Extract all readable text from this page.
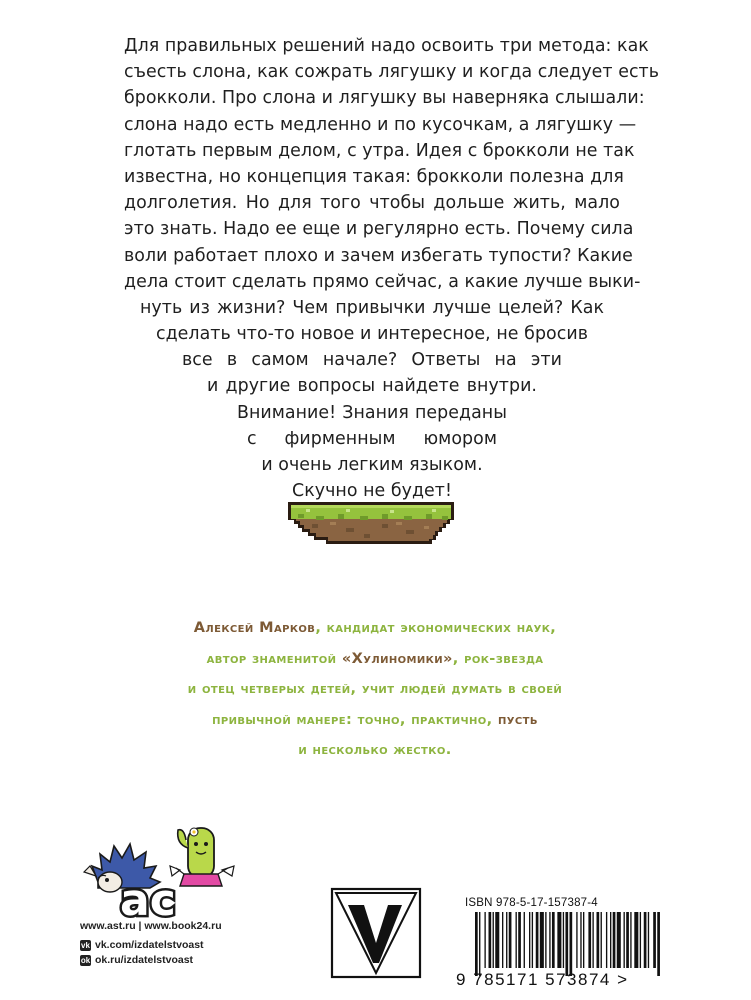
Для правильных решений надо освоить три метода: как
съесть слона, как сожрать лягушку и когда следует есть
брокколи. Про слона и лягушку вы наверняка слышали:
слона надо есть медленно и по кусочкам, а лягушку —
глотать первым делом, с утра. Идея с брокколи не так
известна, но концепция такая: брокколи полезна для
долголетия. Но для того чтобы дольше жить, мало
это знать. Надо ее еще и регулярно есть. Почему сила
воли работает плохо и зачем избегать тупости? Какие
дела стоит сделать прямо сейчас, а какие лучше выки-
нуть из жизни? Чем привычки лучше целей? Как
сделать что-то новое и интересное, не бросив
все в самом начале? Ответы на эти
и другие вопросы найдете внутри.
Внимание! Знания переданы
с фирменным юмором
и очень легким языком.
Скучно не будет!
Алексей Марков, кандидат экономических наук,
автор знаменитой «Хулиномики», рок-звезда
и отец четверых детей, учит людей думать в своей
привычной манере: точно, практично, пусть
и несколько жестко.
ac
www.ast.ru | www.book24.ru
vk vk.com/izdatelstvoast
ok ok.ru/izdatelstvoast
ISBN 978-5-17-157387-4
9 785171 573874 >
